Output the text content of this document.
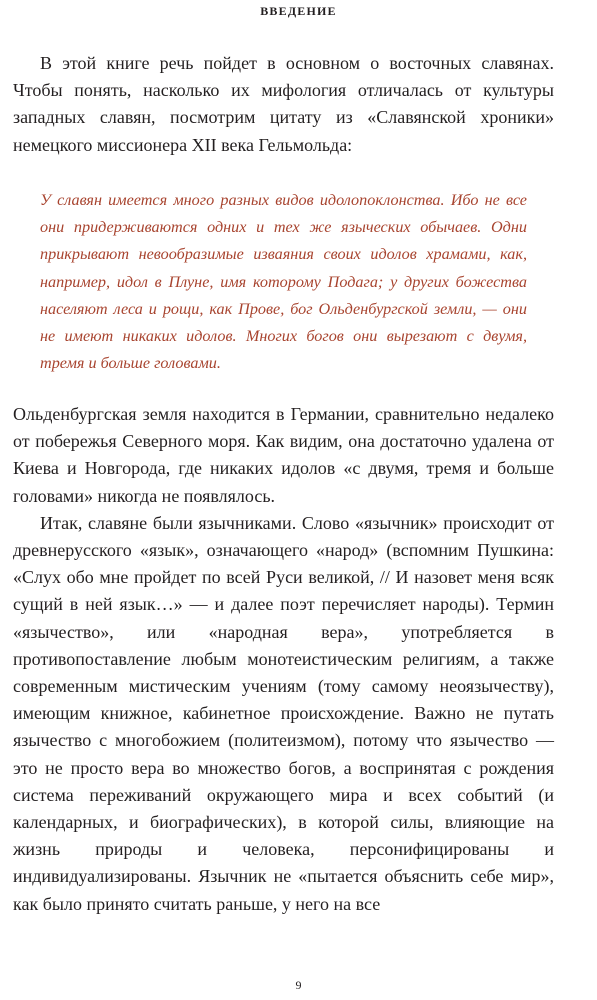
ВВЕДЕНИЕ

В этой книге речь пойдет в основном о восточных славянах. Чтобы понять, насколько их мифология отличалась от культуры западных славян, посмотрим цитату из «Славянской хроники» немецкого миссионера XII века Гельмольда:

У славян имеется много разных видов идолопоклонства. Ибо не все они придерживаются одних и тех же языческих обычаев. Одни прикрывают невообразимые изваяния своих идолов храмами, как, например, идол в Плуне, имя которому Подага; у других божества населяют леса и рощи, как Прове, бог Ольденбургской земли, — они не имеют никаких идолов. Многих богов они вырезают с двумя, тремя и больше головами.

Ольденбургская земля находится в Германии, сравнительно недалеко от побережья Северного моря. Как видим, она достаточно удалена от Киева и Новгорода, где никаких идолов «с двумя, тремя и больше головами» никогда не появлялось.

Итак, славяне были язычниками. Слово «язычник» происходит от древнерусского «язык», означающего «народ» (вспомним Пушкина: «Слух обо мне пройдет по всей Руси великой, // И назовет меня всяк сущий в ней язык…» — и далее поэт перечисляет народы). Термин «язычество», или «народная вера», употребляется в противопоставление любым монотеистическим религиям, а также современным мистическим учениям (тому самому неоязычеству), имеющим книжное, кабинетное происхождение. Важно не путать язычество с многобожием (политеизмом), потому что язычество — это не просто вера во множество богов, а воспринятая с рождения система переживаний окружающего мира и всех событий (и календарных, и биографических), в которой силы, влияющие на жизнь природы и человека, персонифицированы и индивидуализированы. Язычник не «пытается объяснить себе мир», как было принято считать раньше, у него на все

9
